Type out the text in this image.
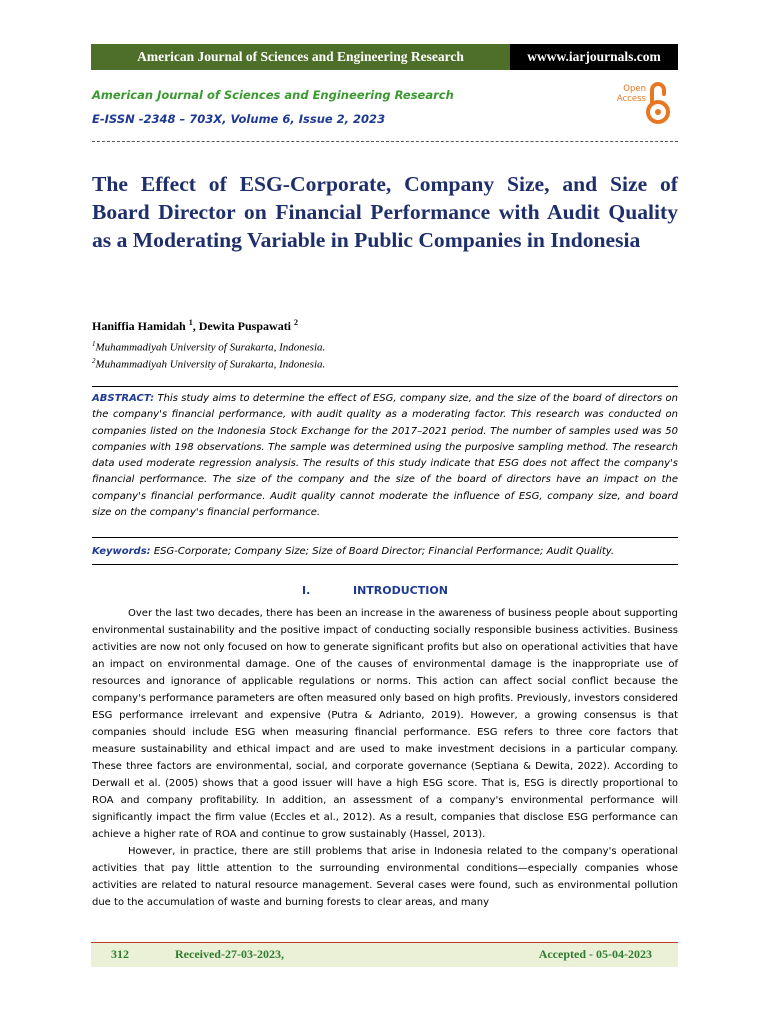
American Journal of Sciences and Engineering Research	wwww.iarjournals.com
American Journal of Sciences and Engineering Research
E-ISSN -2348 – 703X, Volume 6, Issue 2, 2023
Open
Access
The Effect of ESG-Corporate, Company Size, and Size of Board Director on Financial Performance with Audit Quality as a Moderating Variable in Public Companies in Indonesia
Haniffia Hamidah $^1$, Dewita Puspawati $^2$
$^1$Muhammadiyah University of Surakarta, Indonesia.
$^2$Muhammadiyah University of Surakarta, Indonesia.

ABSTRACT: This study aims to determine the effect of ESG, company size, and the size of the board of directors on the company's financial performance, with audit quality as a moderating factor. This research was conducted on companies listed on the Indonesia Stock Exchange for the 2017–2021 period. The number of samples used was 50 companies with 198 observations. The sample was determined using the purposive sampling method. The research data used moderate regression analysis. The results of this study indicate that ESG does not affect the company's financial performance. The size of the company and the size of the board of directors have an impact on the company's financial performance. Audit quality cannot moderate the influence of ESG, company size, and board size on the company's financial performance.

Keywords: ESG-Corporate; Company Size; Size of Board Director; Financial Performance; Audit Quality.

I.	INTRODUCTION

Over the last two decades, there has been an increase in the awareness of business people about supporting environmental sustainability and the positive impact of conducting socially responsible business activities. Business activities are now not only focused on how to generate significant profits but also on operational activities that have an impact on environmental damage. One of the causes of environmental damage is the inappropriate use of resources and ignorance of applicable regulations or norms. This action can affect social conflict because the company's performance parameters are often measured only based on high profits. Previously, investors considered ESG performance irrelevant and expensive (Putra & Adrianto, 2019). However, a growing consensus is that companies should include ESG when measuring financial performance. ESG refers to three core factors that measure sustainability and ethical impact and are used to make investment decisions in a particular company. These three factors are environmental, social, and corporate governance (Septiana & Dewita, 2022). According to Derwall et al. (2005) shows that a good issuer will have a high ESG score. That is, ESG is directly proportional to ROA and company profitability. In addition, an assessment of a company's environmental performance will significantly impact the firm value (Eccles et al., 2012). As a result, companies that disclose ESG performance can achieve a higher rate of ROA and continue to grow sustainably (Hassel, 2013).

However, in practice, there are still problems that arise in Indonesia related to the company's operational activities that pay little attention to the surrounding environmental conditions—especially companies whose activities are related to natural resource management. Several cases were found, such as environmental pollution due to the accumulation of waste and burning forests to clear areas, and many

312	Received-27-03-2023,	Accepted - 05-04-2023
